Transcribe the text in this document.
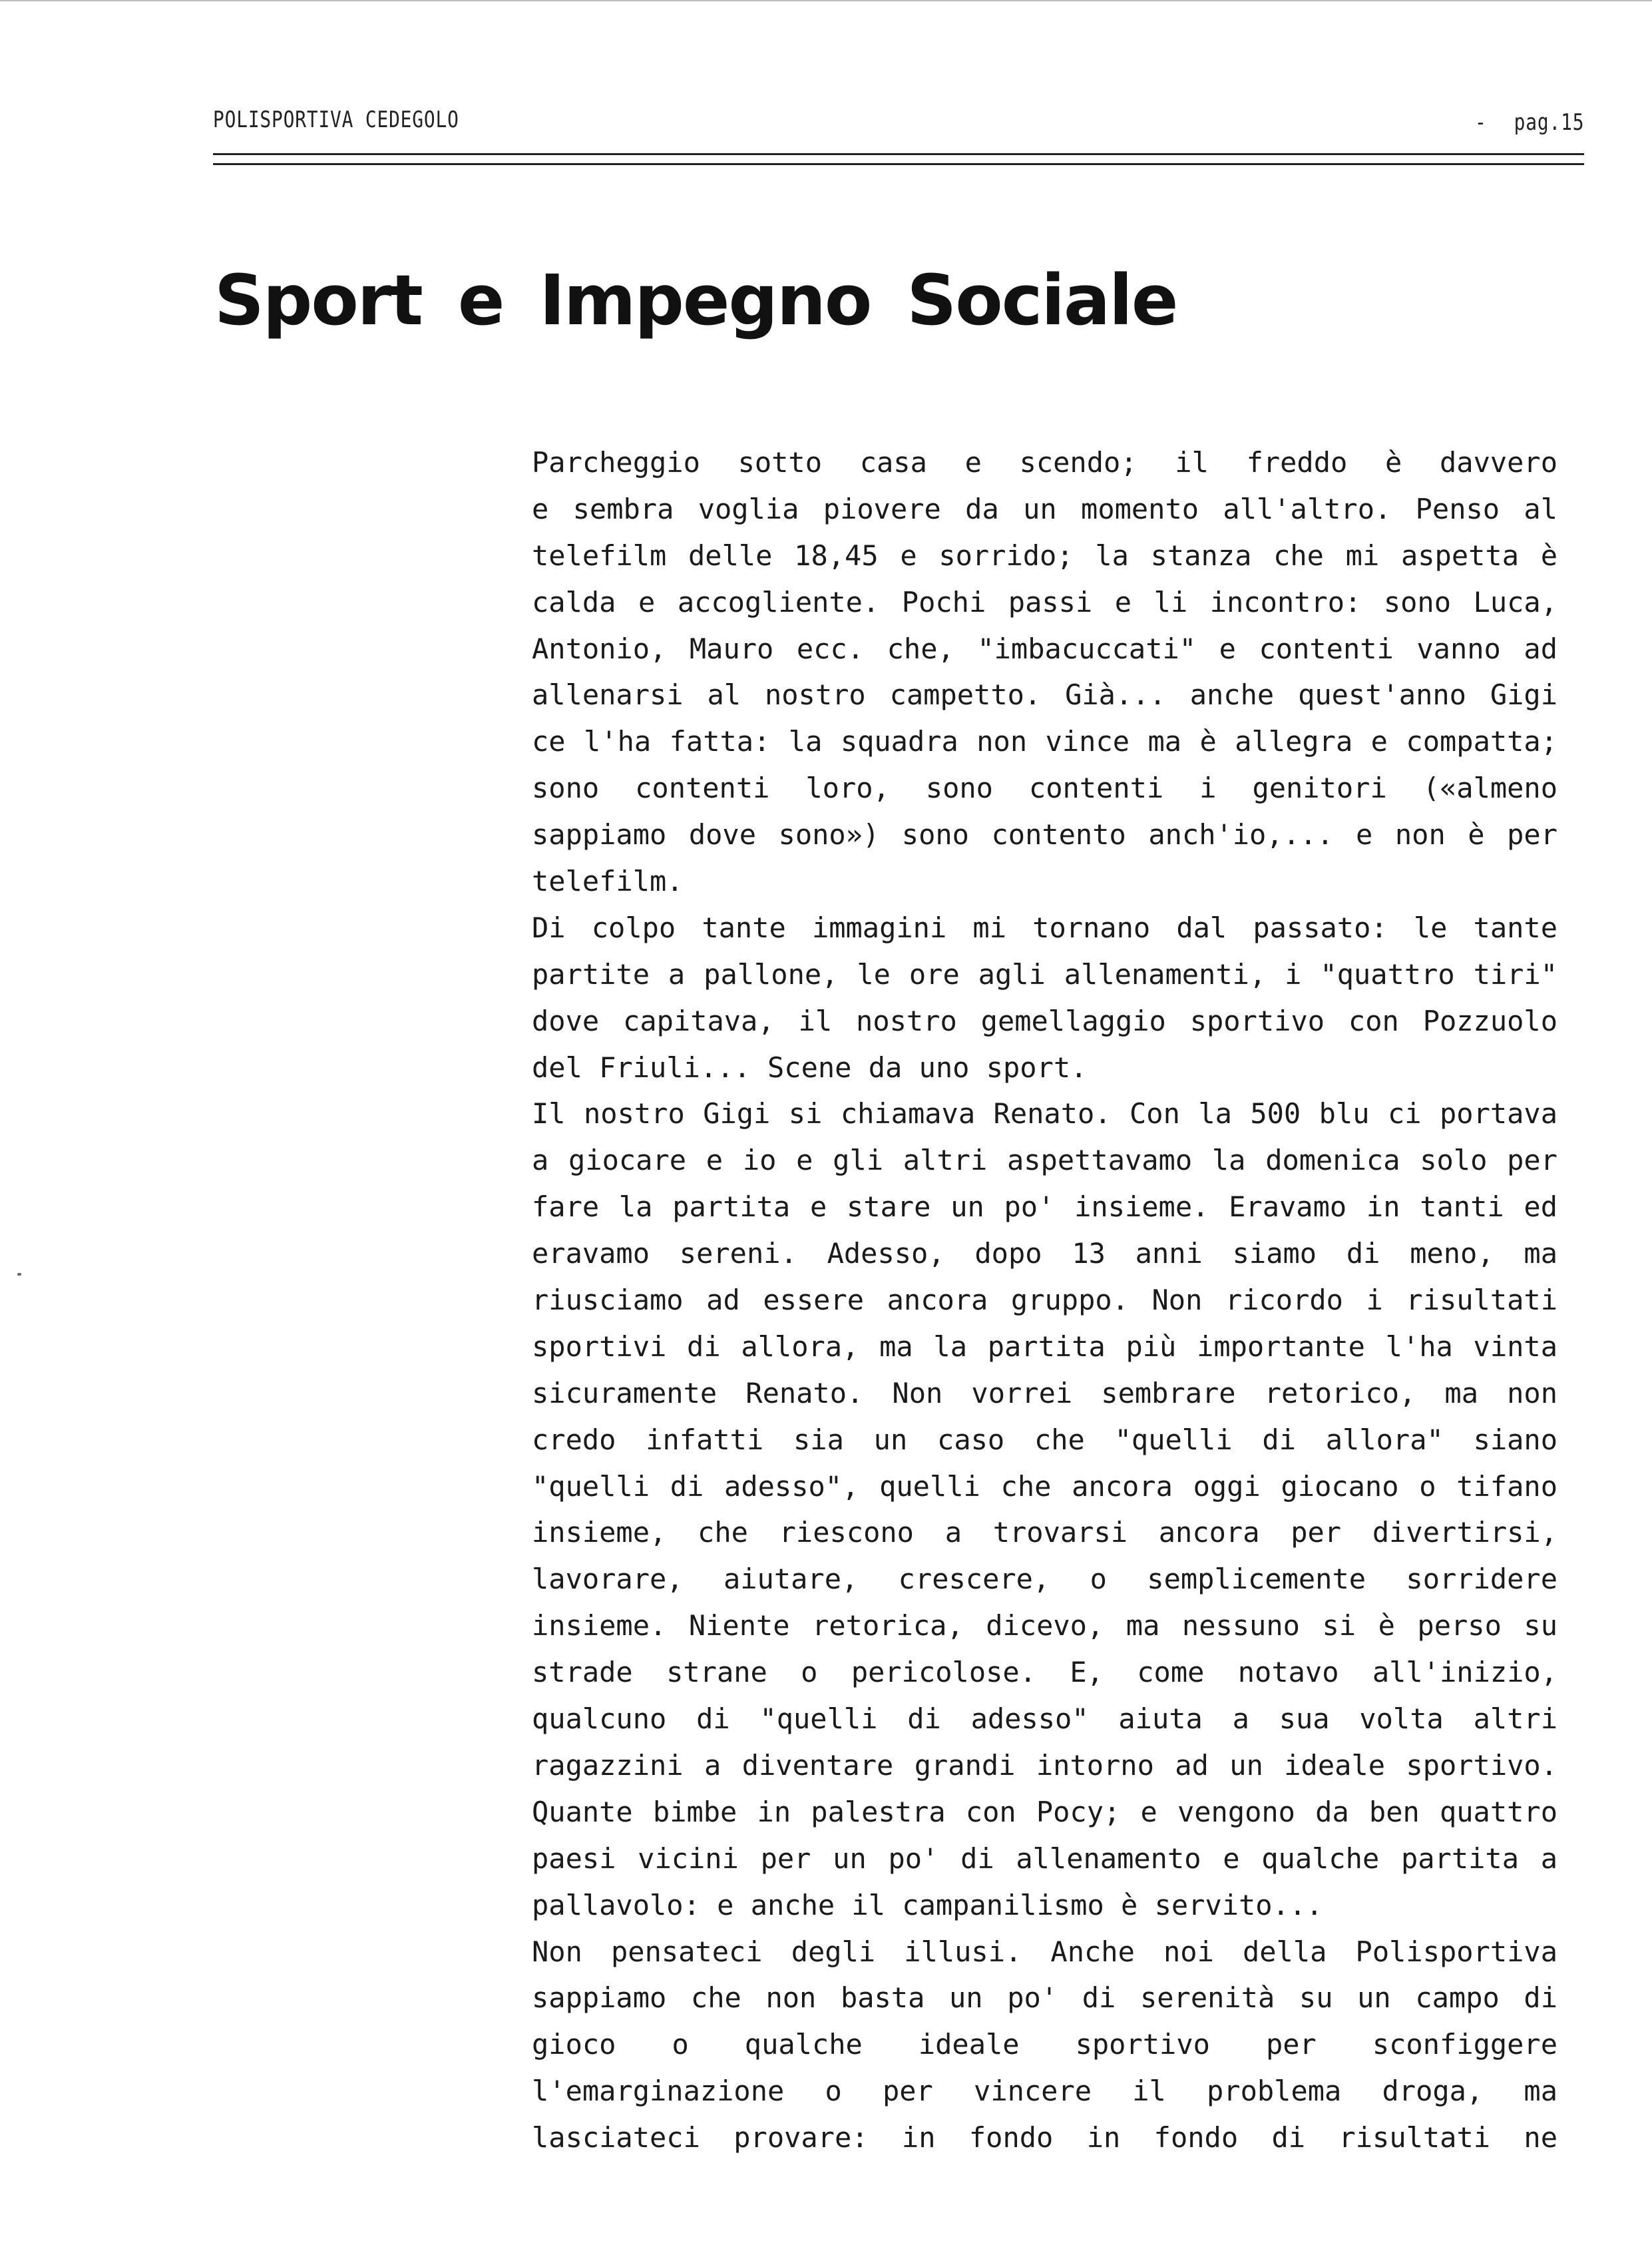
POLISPORTIVA CEDEGOLO	- pag.15
Sport e Impegno Sociale
Parcheggio sotto casa e scendo; il freddo è davvero
e sembra voglia piovere da un momento all'altro. Penso al
telefilm delle 18,45 e sorrido; la stanza che mi aspetta è
calda e accogliente. Pochi passi e li incontro: sono Luca,
Antonio, Mauro ecc. che, "imbacuccati" e contenti vanno ad
allenarsi al nostro campetto. Già... anche quest'anno Gigi
ce l'ha fatta: la squadra non vince ma è allegra e compatta;
sono contenti loro, sono contenti i genitori («almeno
sappiamo dove sono») sono contento anch'io,... e non è per
telefilm.
Di colpo tante immagini mi tornano dal passato: le tante
partite a pallone, le ore agli allenamenti, i "quattro tiri"
dove capitava, il nostro gemellaggio sportivo con Pozzuolo
del Friuli... Scene da uno sport.
Il nostro Gigi si chiamava Renato. Con la 500 blu ci portava
a giocare e io e gli altri aspettavamo la domenica solo per
fare la partita e stare un po' insieme. Eravamo in tanti ed
eravamo sereni. Adesso, dopo 13 anni siamo di meno, ma
riusciamo ad essere ancora gruppo. Non ricordo i risultati
sportivi di allora, ma la partita più importante l'ha vinta
sicuramente Renato. Non vorrei sembrare retorico, ma non
credo infatti sia un caso che "quelli di allora" siano
"quelli di adesso", quelli che ancora oggi giocano o tifano
insieme, che riescono a trovarsi ancora per divertirsi,
lavorare, aiutare, crescere, o semplicemente sorridere
insieme. Niente retorica, dicevo, ma nessuno si è perso su
strade strane o pericolose. E, come notavo all'inizio,
qualcuno di "quelli di adesso" aiuta a sua volta altri
ragazzini a diventare grandi intorno ad un ideale sportivo.
Quante bimbe in palestra con Pocy; e vengono da ben quattro
paesi vicini per un po' di allenamento e qualche partita a
pallavolo: e anche il campanilismo è servito...
Non pensateci degli illusi. Anche noi della Polisportiva
sappiamo che non basta un po' di serenità su un campo di
gioco o qualche ideale sportivo per sconfiggere
l'emarginazione o per vincere il problema droga, ma
lasciateci provare: in fondo in fondo di risultati ne
